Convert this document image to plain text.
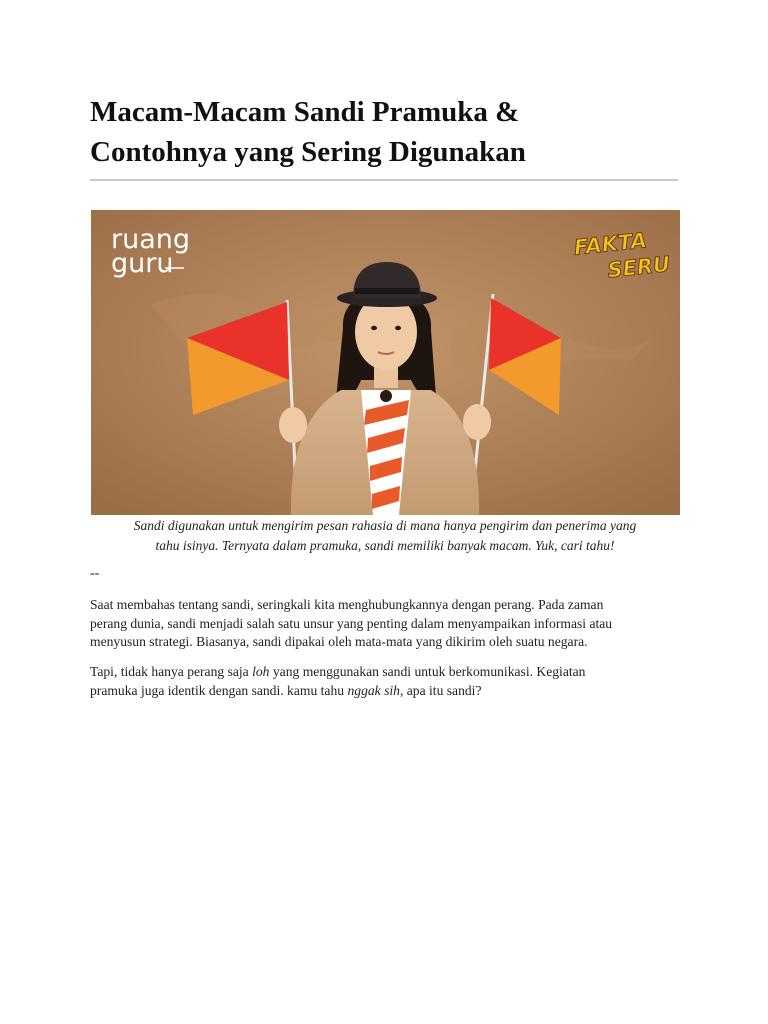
Macam-Macam Sandi Pramuka &
Contohnya yang Sering Digunakan
ruang
guru
FAKTA
SERU
Sandi digunakan untuk mengirim pesan rahasia di mana hanya pengirim dan penerima yang
tahu isinya. Ternyata dalam pramuka, sandi memiliki banyak macam. Yuk, cari tahu!
--
Saat membahas tentang sandi, seringkali kita menghubungkannya dengan perang. Pada zaman
perang dunia, sandi menjadi salah satu unsur yang penting dalam menyampaikan informasi atau
menyusun strategi. Biasanya, sandi dipakai oleh mata-mata yang dikirim oleh suatu negara.
Tapi, tidak hanya perang saja loh yang menggunakan sandi untuk berkomunikasi. Kegiatan
pramuka juga identik dengan sandi. kamu tahu nggak sih, apa itu sandi?
